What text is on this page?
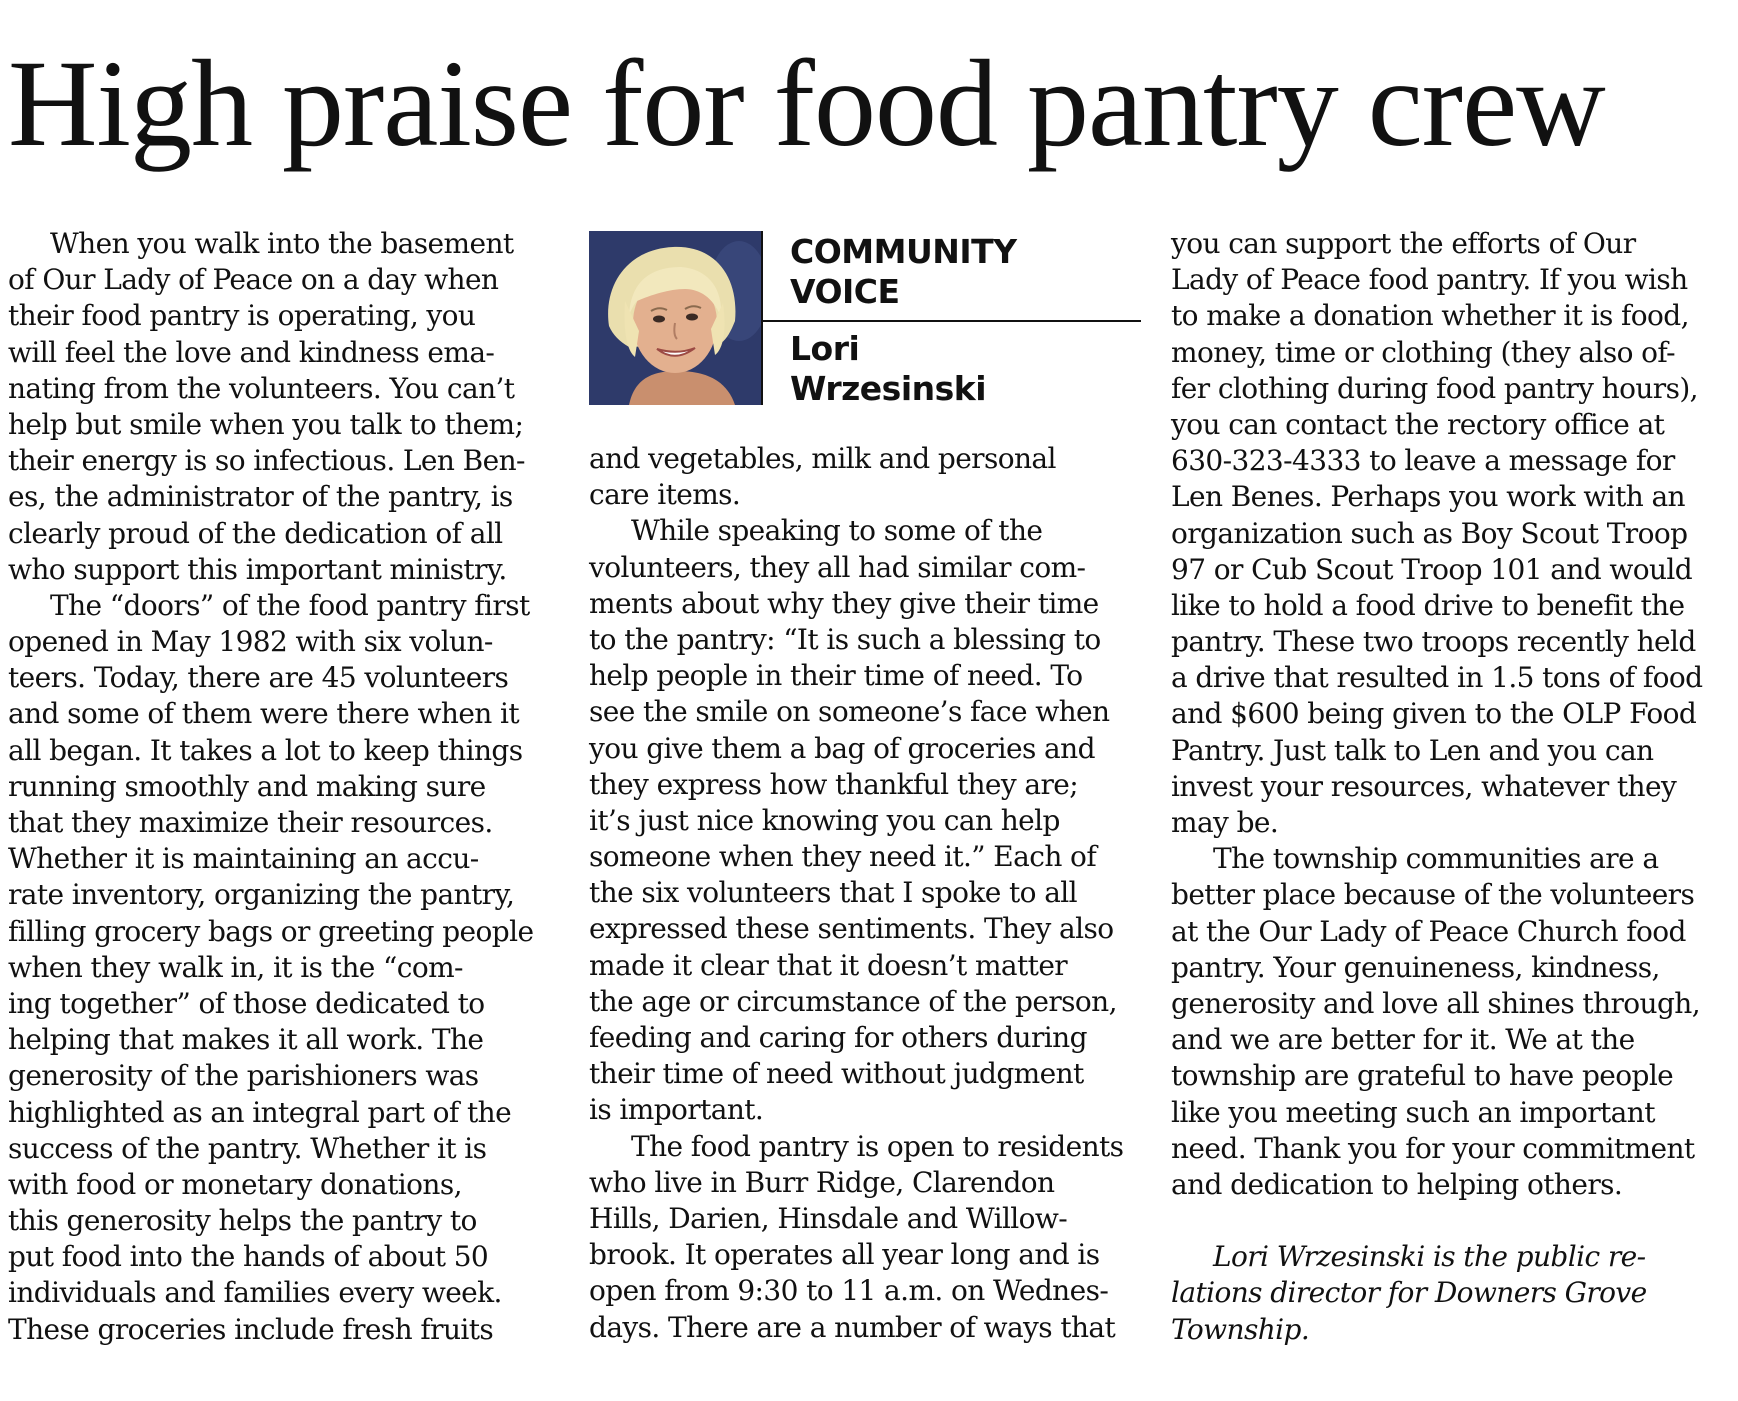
High praise for food pantry crew
When you walk into the basement
of Our Lady of Peace on a day when
their food pantry is operating, you
will feel the love and kindness ema-
nating from the volunteers. You can’t
help but smile when you talk to them;
their energy is so infectious. Len Ben-
es, the administrator of the pantry, is
clearly proud of the dedication of all
who support this important ministry.
The “doors” of the food pantry first
opened in May 1982 with six volun-
teers. Today, there are 45 volunteers
and some of them were there when it
all began. It takes a lot to keep things
running smoothly and making sure
that they maximize their resources.
Whether it is maintaining an accu-
rate inventory, organizing the pantry,
filling grocery bags or greeting people
when they walk in, it is the “com-
ing together” of those dedicated to
helping that makes it all work. The
generosity of the parishioners was
highlighted as an integral part of the
success of the pantry. Whether it is
with food or monetary donations,
this generosity helps the pantry to
put food into the hands of about 50
individuals and families every week.
These groceries include fresh fruits
COMMUNITY
VOICE
Lori
Wrzesinski
and vegetables, milk and personal
care items.
While speaking to some of the
volunteers, they all had similar com-
ments about why they give their time
to the pantry: “It is such a blessing to
help people in their time of need. To
see the smile on someone’s face when
you give them a bag of groceries and
they express how thankful they are;
it’s just nice knowing you can help
someone when they need it.” Each of
the six volunteers that I spoke to all
expressed these sentiments. They also
made it clear that it doesn’t matter
the age or circumstance of the person,
feeding and caring for others during
their time of need without judgment
is important.
The food pantry is open to residents
who live in Burr Ridge, Clarendon
Hills, Darien, Hinsdale and Willow-
brook. It operates all year long and is
open from 9:30 to 11 a.m. on Wednes-
days. There are a number of ways that
you can support the efforts of Our
Lady of Peace food pantry. If you wish
to make a donation whether it is food,
money, time or clothing (they also of-
fer clothing during food pantry hours),
you can contact the rectory office at
630-323-4333 to leave a message for
Len Benes. Perhaps you work with an
organization such as Boy Scout Troop
97 or Cub Scout Troop 101 and would
like to hold a food drive to benefit the
pantry. These two troops recently held
a drive that resulted in 1.5 tons of food
and $600 being given to the OLP Food
Pantry. Just talk to Len and you can
invest your resources, whatever they
may be.
The township communities are a
better place because of the volunteers
at the Our Lady of Peace Church food
pantry. Your genuineness, kindness,
generosity and love all shines through,
and we are better for it. We at the
township are grateful to have people
like you meeting such an important
need. Thank you for your commitment
and dedication to helping others.
Lori Wrzesinski is the public re-
lations director for Downers Grove
Township.
